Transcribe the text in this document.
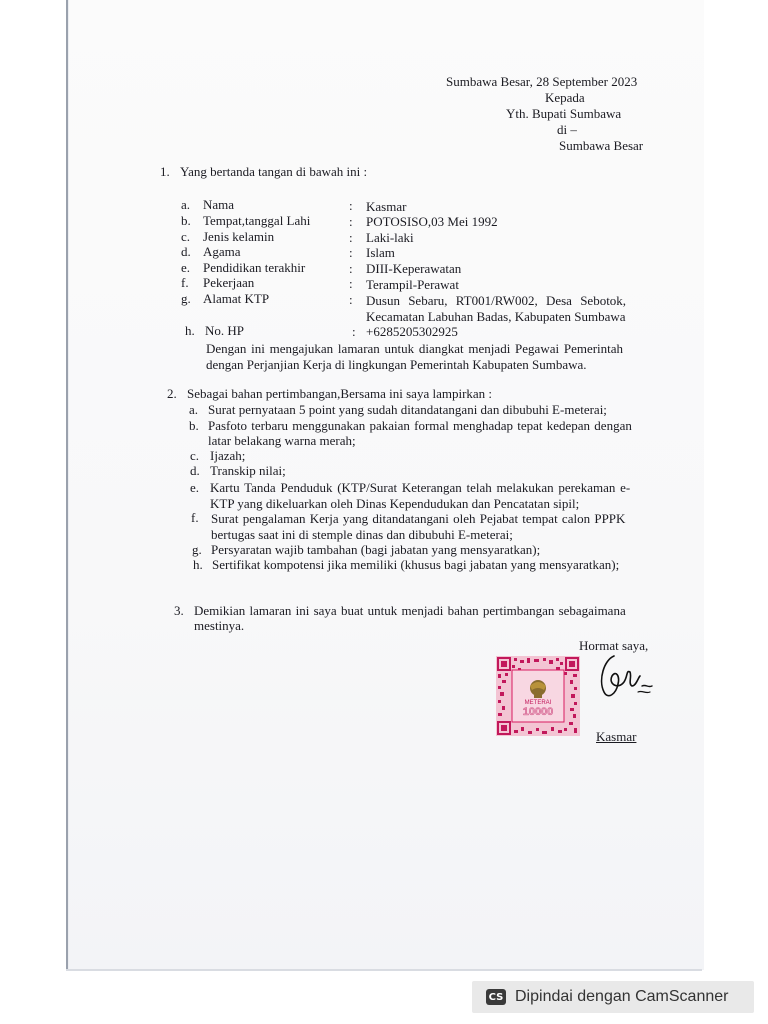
Sumbawa Besar, 28 September 2023
Kepada
Yth. Bupati Sumbawa
di –
Sumbawa Besar
1. Yang bertanda tangan di bawah ini :
a. Nama	: Kasmar
b. Tempat,tanggal Lahi	: POTOSISO,03 Mei 1992
c. Jenis kelamin	: Laki-laki
d. Agama	: Islam
e. Pendidikan terakhir	: DIII-Keperawatan
f. Pekerjaan	: Terampil-Perawat
g. Alamat KTP	: Dusun Sebaru, RT001/RW002, Desa Sebotok,
Kecamatan Labuhan Badas, Kabupaten Sumbawa
h. No. HP	: +6285205302925
Dengan ini mengajukan lamaran untuk diangkat menjadi Pegawai Pemerintah
dengan Perjanjian Kerja di lingkungan Pemerintah Kabupaten Sumbawa.
2. Sebagai bahan pertimbangan,Bersama ini saya lampirkan :
a. Surat pernyataan 5 point yang sudah ditandatangani dan dibubuhi E-meterai;
b. Pasfoto terbaru menggunakan pakaian formal menghadap tepat kedepan dengan
latar belakang warna merah;
c. Ijazah;
d. Transkip nilai;
e. Kartu Tanda Penduduk (KTP/Surat Keterangan telah melakukan perekaman e-
KTP yang dikeluarkan oleh Dinas Kependudukan dan Pencatatan sipil;
f. Surat pengalaman Kerja yang ditandatangani oleh Pejabat tempat calon PPPK
bertugas saat ini di stemple dinas dan dibubuhi E-meterai;
g. Persyaratan wajib tambahan (bagi jabatan yang mensyaratkan);
h. Sertifikat kompotensi jika memiliki (khusus bagi jabatan yang mensyaratkan);
3. Demikian lamaran ini saya buat untuk menjadi bahan pertimbangan sebagaimana
mestinya.
Hormat saya,
METERAI
10000
Kasmar
CS Dipindai dengan CamScanner
